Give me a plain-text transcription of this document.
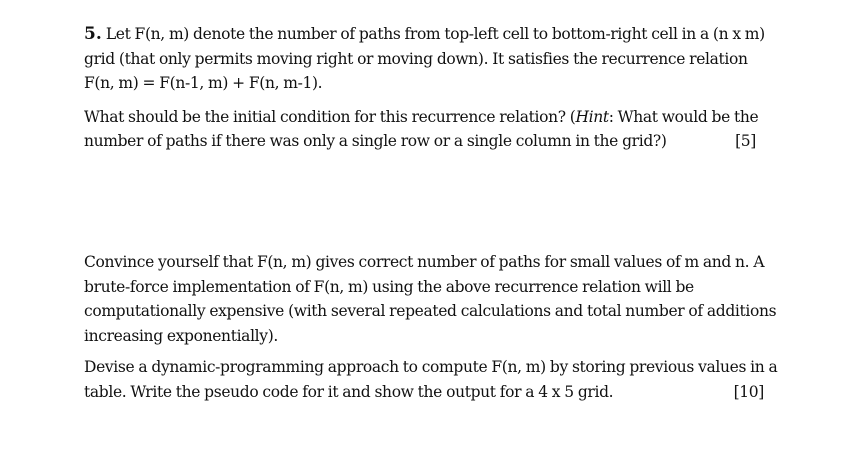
5. Let F(n, m) denote the number of paths from top-left cell to bottom-right cell in a (n x m)
grid (that only permits moving right or moving down). It satisfies the recurrence relation
F(n, m) = F(n-1, m) + F(n, m-1).

What should be the initial condition for this recurrence relation? (Hint: What would be the
number of paths if there was only a single row or a single column in the grid?)	[5]

Convince yourself that F(n, m) gives correct number of paths for small values of m and n. A
brute-force implementation of F(n, m) using the above recurrence relation will be
computationally expensive (with several repeated calculations and total number of additions
increasing exponentially).

Devise a dynamic-programming approach to compute F(n, m) by storing previous values in a
table. Write the pseudo code for it and show the output for a 4 x 5 grid.	[10]
